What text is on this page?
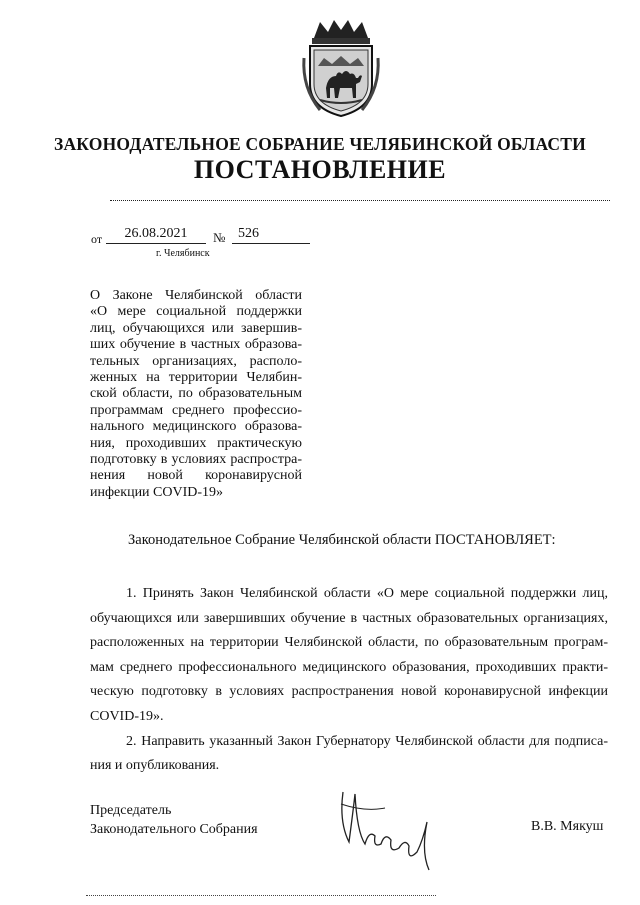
ЗАКОНОДАТЕЛЬНОЕ СОБРАНИЕ ЧЕЛЯБИНСКОЙ ОБЛАСТИ
ПОСТАНОВЛЕНИЕ
от	26.08.2021	№ 526
г. Челябинск
О Законе Челябинской области
«О мере социальной поддержки
лиц, обучающихся или завершив-
ших обучение в частных образова-
тельных организациях, располо-
женных на территории Челябин-
ской области, по образовательным
программам среднего профессио-
нального медицинского образова-
ния, проходивших практическую
подготовку в условиях распростра-
нения новой коронавирусной
инфекции COVID-19»
Законодательное Собрание Челябинской области ПОСТАНОВЛЯЕТ:
1. Принять Закон Челябинской области «О мере социальной поддержки лиц,
обучающихся или завершивших обучение в частных образовательных организациях,
расположенных на территории Челябинской области, по образовательным програм-
мам среднего профессионального медицинского образования, проходивших практи-
ческую подготовку в условиях распространения новой коронавирусной инфекции
COVID-19».
2. Направить указанный Закон Губернатору Челябинской области для подписа-
ния и опубликования.
Председатель
Законодательного Собрания	В.В. Мякуш
